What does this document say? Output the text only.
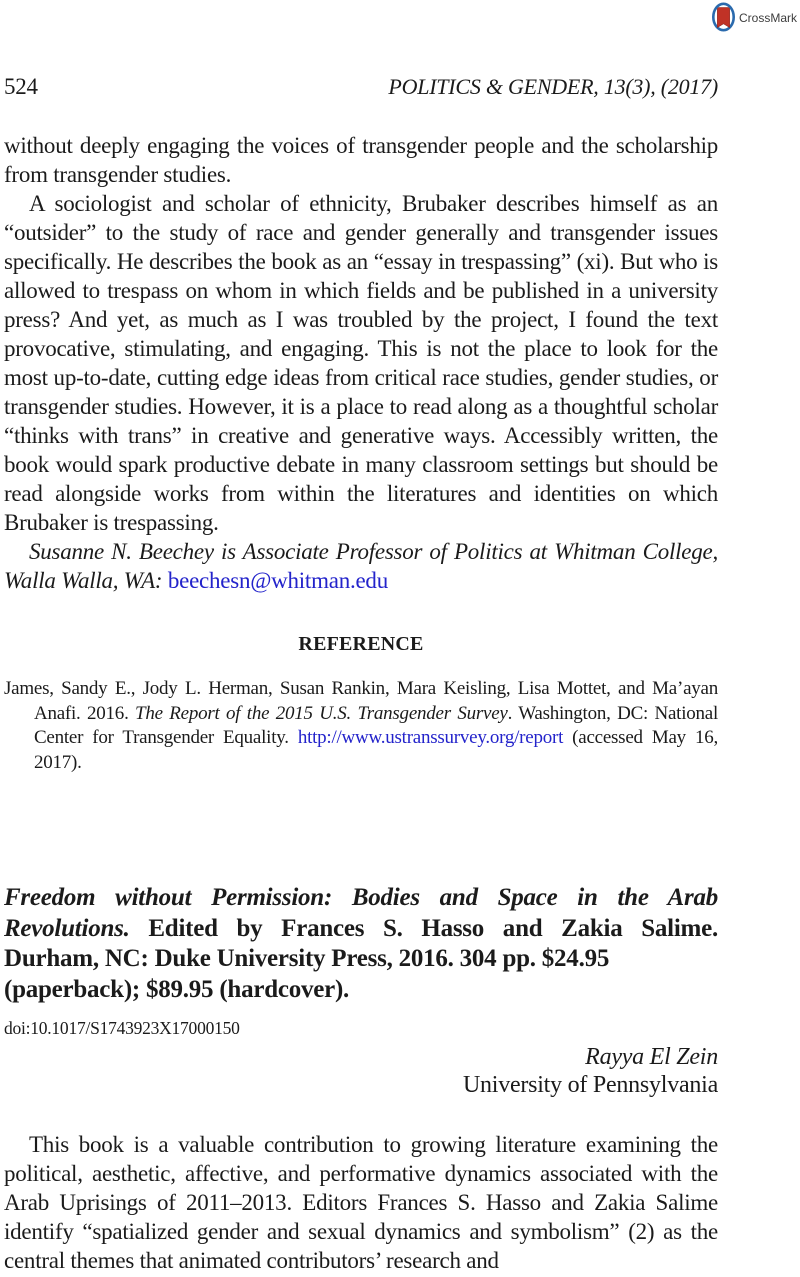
CrossMark
524	POLITICS & GENDER, 13(3), (2017)

without deeply engaging the voices of transgender people and the scholarship from transgender studies.

A sociologist and scholar of ethnicity, Brubaker describes himself as an “outsider” to the study of race and gender generally and transgender issues specifically. He describes the book as an “essay in trespassing” (xi). But who is allowed to trespass on whom in which fields and be published in a university press? And yet, as much as I was troubled by the project, I found the text provocative, stimulating, and engaging. This is not the place to look for the most up-to-date, cutting edge ideas from critical race studies, gender studies, or transgender studies. However, it is a place to read along as a thoughtful scholar “thinks with trans” in creative and generative ways. Accessibly written, the book would spark productive debate in many classroom settings but should be read alongside works from within the literatures and identities on which Brubaker is trespassing.

Susanne N. Beechey is Associate Professor of Politics at Whitman College, Walla Walla, WA: beechesn@whitman.edu

REFERENCE

James, Sandy E., Jody L. Herman, Susan Rankin, Mara Keisling, Lisa Mottet, and Ma’ayan Anafi. 2016. The Report of the 2015 U.S. Transgender Survey. Washington, DC: National Center for Transgender Equality. http://www.ustranssurvey.org/report (accessed May 16, 2017).

Freedom without Permission: Bodies and Space in the Arab
Revolutions. Edited by Frances S. Hasso and Zakia Salime.
Durham, NC: Duke University Press, 2016. 304 pp. $24.95
(paperback); $89.95 (hardcover).
doi:10.1017/S1743923X17000150
Rayya El Zein
University of Pennsylvania

This book is a valuable contribution to growing literature examining the political, aesthetic, affective, and performative dynamics associated with the Arab Uprisings of 2011–2013. Editors Frances S. Hasso and Zakia Salime identify “spatialized gender and sexual dynamics and symbolism” (2) as the central themes that animated contributors’ research and
